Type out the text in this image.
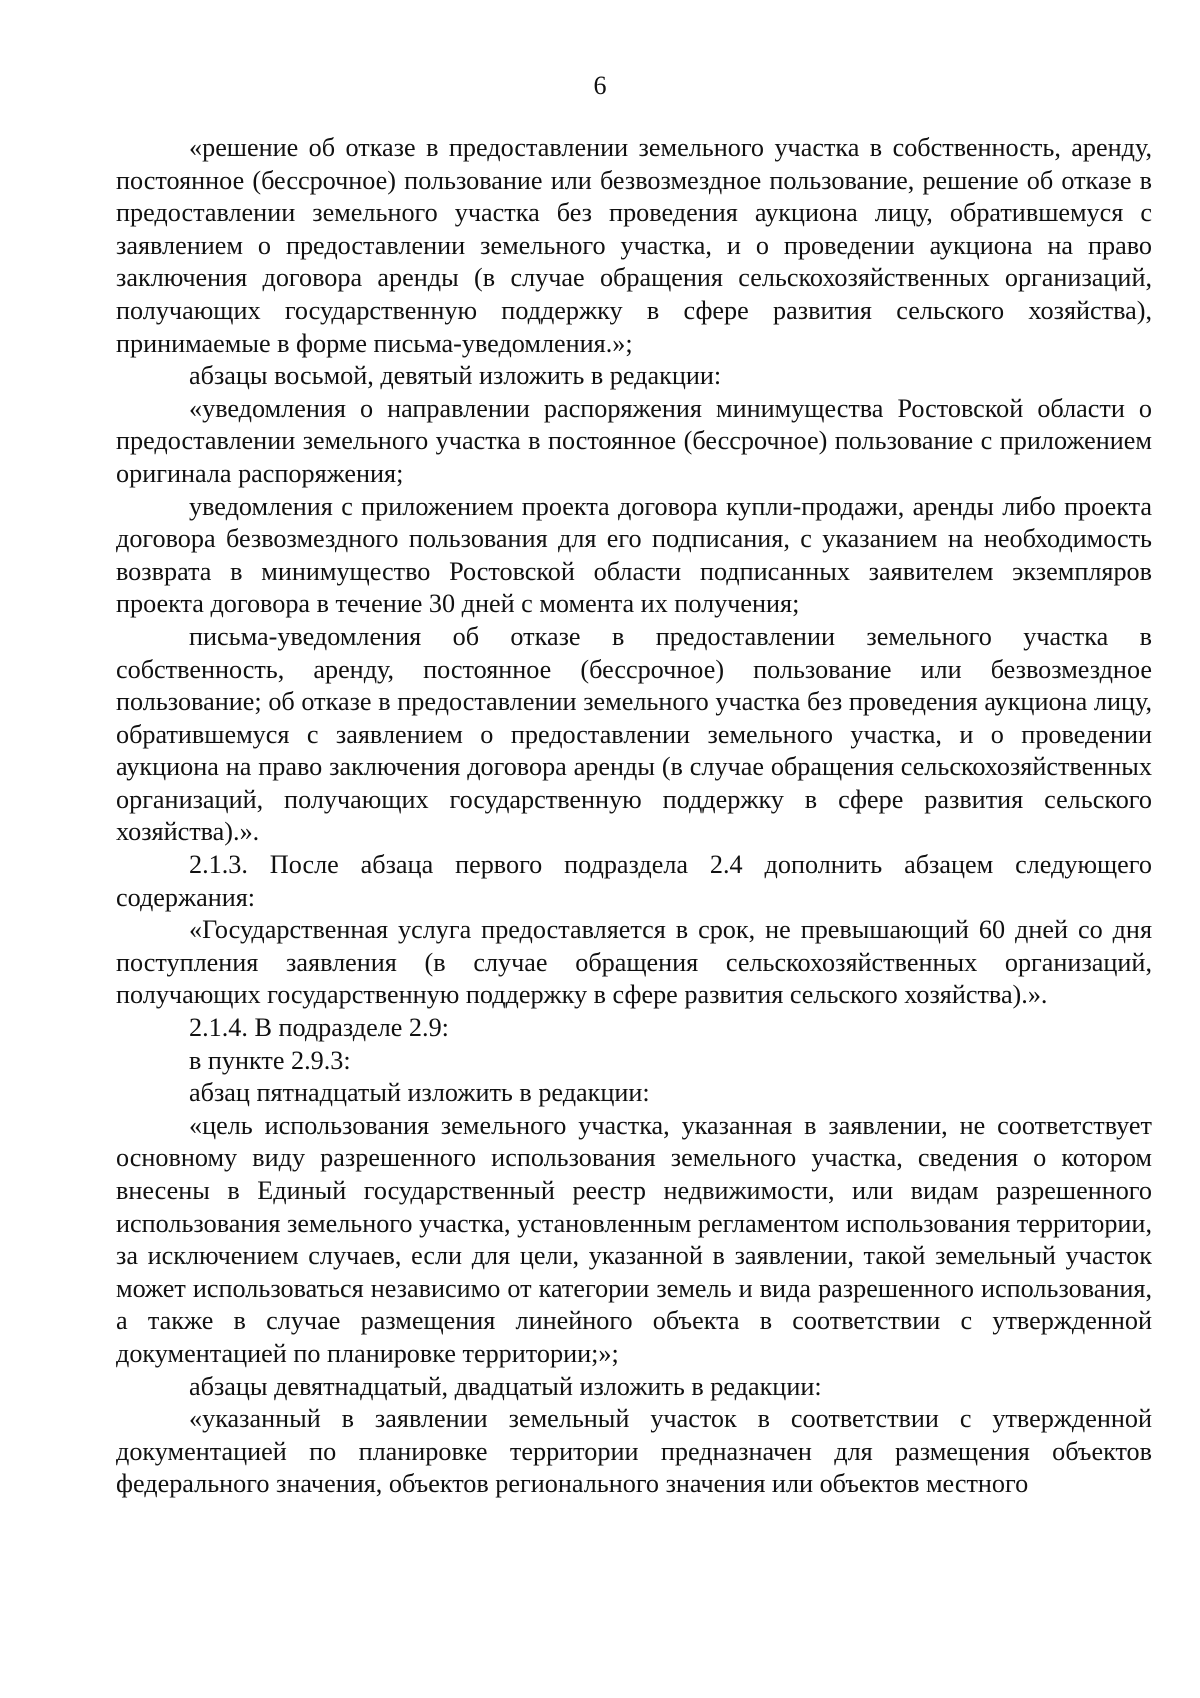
6

«решение об отказе в предоставлении земельного участка в собственность, аренду, постоянное (бессрочное) пользование или безвозмездное пользование, решение об отказе в предоставлении земельного участка без проведения аукциона лицу, обратившемуся с заявлением о предоставлении земельного участка, и о проведении аукциона на право заключения договора аренды (в случае обращения сельскохозяйственных организаций, получающих государственную поддержку в сфере развития сельского хозяйства), принимаемые в форме письма-уведомления.»;

абзацы восьмой, девятый изложить в редакции:

«уведомления о направлении распоряжения минимущества Ростовской области о предоставлении земельного участка в постоянное (бессрочное) пользование с приложением оригинала распоряжения;

уведомления с приложением проекта договора купли-продажи, аренды либо проекта договора безвозмездного пользования для его подписания, с указанием на необходимость возврата в минимущество Ростовской области подписанных заявителем экземпляров проекта договора в течение 30 дней с момента их получения;

письма-уведомления об отказе в предоставлении земельного участка в собственность, аренду, постоянное (бессрочное) пользование или безвозмездное пользование; об отказе в предоставлении земельного участка без проведения аукциона лицу, обратившемуся с заявлением о предоставлении земельного участка, и о проведении аукциона на право заключения договора аренды (в случае обращения сельскохозяйственных организаций, получающих государственную поддержку в сфере развития сельского хозяйства).».

2.1.3. После абзаца первого подраздела 2.4 дополнить абзацем следующего содержания:

«Государственная услуга предоставляется в срок, не превышающий 60 дней со дня поступления заявления (в случае обращения сельскохозяйственных организаций, получающих государственную поддержку в сфере развития сельского хозяйства).».

2.1.4. В подразделе 2.9:

в пункте 2.9.3:

абзац пятнадцатый изложить в редакции:

«цель использования земельного участка, указанная в заявлении, не соответствует основному виду разрешенного использования земельного участка, сведения о котором внесены в Единый государственный реестр недвижимости, или видам разрешенного использования земельного участка, установленным регламентом использования территории, за исключением случаев, если для цели, указанной в заявлении, такой земельный участок может использоваться независимо от категории земель и вида разрешенного использования, а также в случае размещения линейного объекта в соответствии с утвержденной документацией по планировке территории;»;

абзацы девятнадцатый, двадцатый изложить в редакции:

«указанный в заявлении земельный участок в соответствии с утвержденной документацией по планировке территории предназначен для размещения объектов федерального значения, объектов регионального значения или объектов местного
